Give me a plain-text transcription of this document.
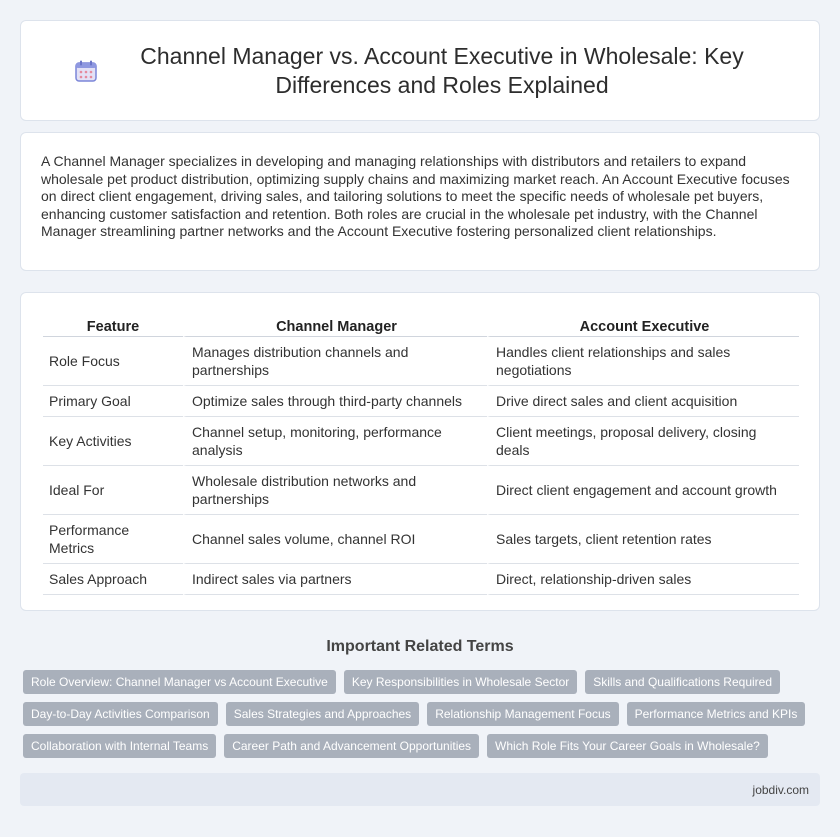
Channel Manager vs. Account Executive in Wholesale: Key Differences and Roles Explained

A Channel Manager specializes in developing and managing relationships with distributors and retailers to expand wholesale pet product distribution, optimizing supply chains and maximizing market reach. An Account Executive focuses on direct client engagement, driving sales, and tailoring solutions to meet the specific needs of wholesale pet buyers, enhancing customer satisfaction and retention. Both roles are crucial in the wholesale pet industry, with the Channel Manager streamlining partner networks and the Account Executive fostering personalized client relationships.

Feature	Channel Manager	Account Executive
Role Focus	Manages distribution channels and partnerships	Handles client relationships and sales negotiations
Primary Goal	Optimize sales through third-party channels	Drive direct sales and client acquisition
Key Activities	Channel setup, monitoring, performance analysis	Client meetings, proposal delivery, closing deals
Ideal For	Wholesale distribution networks and partnerships	Direct client engagement and account growth
Performance Metrics	Channel sales volume, channel ROI	Sales targets, client retention rates
Sales Approach	Indirect sales via partners	Direct, relationship-driven sales
Important Related Terms
Role Overview: Channel Manager vs Account Executive	Key Responsibilities in Wholesale Sector	Skills and Qualifications Required
Day-to-Day Activities Comparison	Sales Strategies and Approaches	Relationship Management Focus	Performance Metrics and KPIs
Collaboration with Internal Teams	Career Path and Advancement Opportunities	Which Role Fits Your Career Goals in Wholesale?
jobdiv.com
